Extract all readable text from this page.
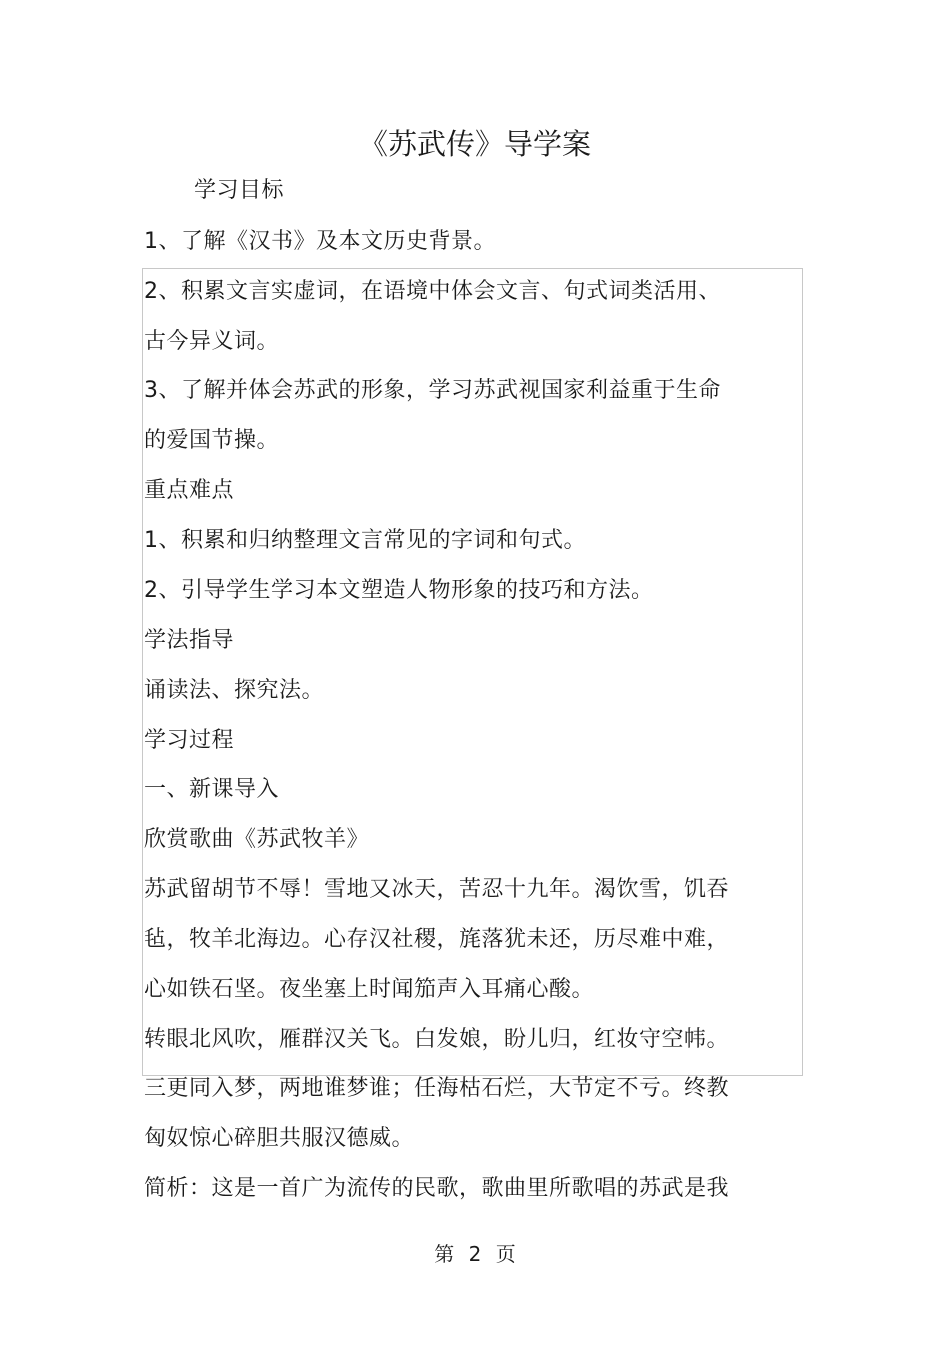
《苏武传》导学案
学习目标
1、了解《汉书》及本文历史背景。
2、积累文言实虚词，在语境中体会文言、句式词类活用、
古今异义词。
3、了解并体会苏武的形象，学习苏武视国家利益重于生命
的爱国节操。
重点难点
1、积累和归纳整理文言常见的字词和句式。
2、引导学生学习本文塑造人物形象的技巧和方法。
学法指导
诵读法、探究法。
学习过程
一、新课导入
欣赏歌曲《苏武牧羊》
苏武留胡节不辱！雪地又冰天，苦忍十九年。渴饮雪，饥吞
毡，牧羊北海边。心存汉社稷，旄落犹未还，历尽难中难，
心如铁石坚。夜坐塞上时闻笳声入耳痛心酸。
转眼北风吹，雁群汉关飞。白发娘，盼儿归，红妆守空帏。
三更同入梦，两地谁梦谁；任海枯石烂，大节定不亏。终教
匈奴惊心碎胆共服汉德威。
简析：这是一首广为流传的民歌，歌曲里所歌唱的苏武是我
第 2 页
